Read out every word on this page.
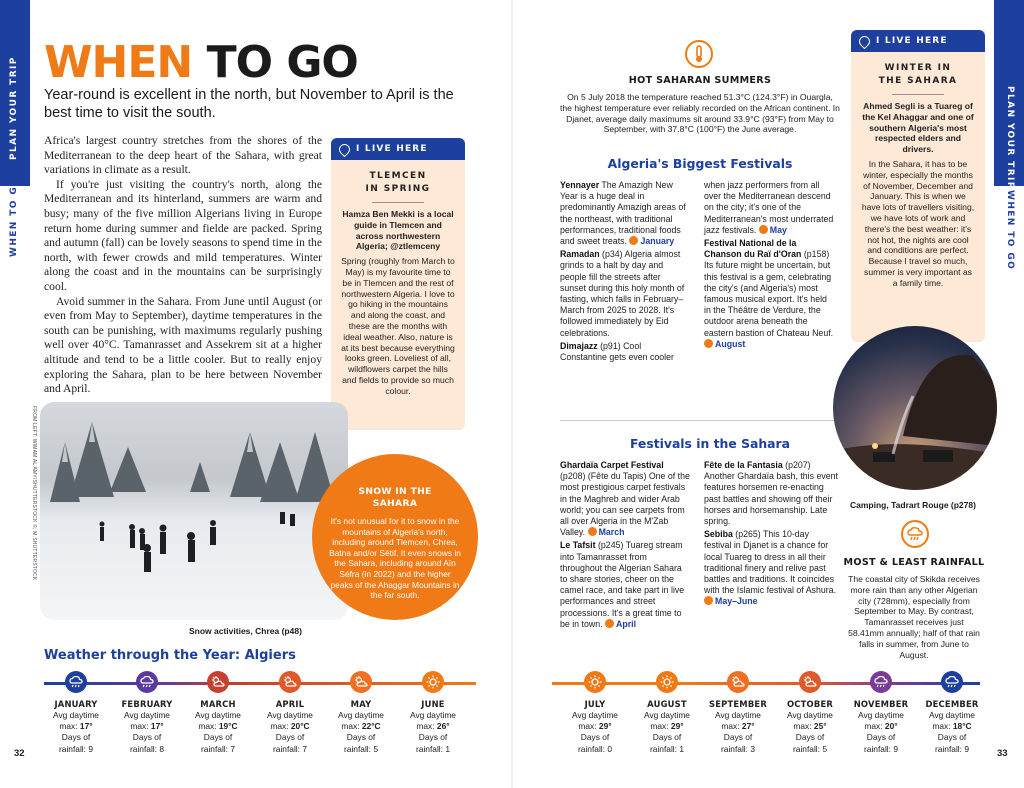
PLAN YOUR TRIP
WHEN TO GO
PLAN YOUR TRIP
WHEN TO GO
WHEN TO GO
Year-round is excellent in the north, but November to April is the best time to visit the south.

Africa's largest country stretches from the shores of the Mediterranean to the deep heart of the Sahara, with great variations in climate as a result.

If you're just visiting the country's north, along the Mediterranean and its hinterland, summers are warm and busy; many of the five million Algerians living in Europe return home during summer and fielde are packed. Spring and autumn (fall) can be lovely seasons to spend time in the north, with fewer crowds and mild temperatures. Winter along the coast and in the mountains can be surprisingly cool.

Avoid summer in the Sahara. From June until August (or even from May to September), daytime temperatures in the south can be punishing, with maximums regularly pushing well over 40°C. Tamanrasset and Assekrem sit at a higher altitude and tend to be a little cooler. But to really enjoy exploring the Sahara, plan to be here between November and April.

I LIVE HERE
TLEMCEN
IN SPRING
Hamza Ben Mekki is a local guide in Tlemcen and across northwestern Algeria; @ztlemceny
Spring (roughly from March to May) is my favourite time to be in Tlemcen and the rest of northwestern Algeria. I love to go hiking in the mountains and along the coast, and these are the months with ideal weather. Also, nature is at its best because everything looks green. Loveliest of all, wildflowers carpet the hills and fields to provide so much colour.
Snow activities, Chrea (p48)
FROM LEFT: WIMAM AL AMY/SHUTTERSTOCK ©; M.SHUTTERSTOCK	SNOW IN THE
SAHARA
It's not unusual for it to snow in the mountains of Algeria's north, including around Tlemcen, Chrea, Batna and/or Sétif. It even snows in the Sahara, including around Aïn Séfra (in 2022) and the higher peaks of the Ahaggar Mountains in the far south.
HOT SAHARAN SUMMERS
On 5 July 2018 the temperature reached 51.3°C (124.3°F) in Ouargla, the highest temperature ever reliably recorded on the African continent. In Djanet, average daily maximums sit around 33.9°C (93°F) from May to September, with 37.8°C (100°F) the June average.
Algeria's Biggest Festivals
Yennayer The Amazigh New Year is a huge deal in predominantly Amazigh areas of the northeast, with traditional performances, traditional foods and sweet treats. January
Ramadan (p34) Algeria almost grinds to a halt by day and people fill the streets after sunset during this holy month of fasting, which falls in February–March from 2025 to 2028. It's followed immediately by Eid celebrations.
Dimajazz (p91) Cool Constantine gets even cooler
when jazz performers from all over the Mediterranean descend on the city; it's one of the Mediterranean's most underrated jazz festivals. May
Festival National de la Chanson du Raï d'Oran (p158) Its future might be uncertain, but this festival is a gem, celebrating the city's (and Algeria's) most famous musical export. It's held in the Théâtre de Verdure, the outdoor arena beneath the eastern bastion of Chateau Neuf. August
Festivals in the Sahara
Ghardaïa Carpet Festival (p208) (Fête du Tapis) One of the most prestigious carpet festivals in the Maghreb and wider Arab world; you can see carpets from all over Algeria in the M'Zab Valley. March
Le Tafsit (p245) Tuareg stream into Tamanrasset from throughout the Algerian Sahara to share stories, cheer on the camel race, and take part in live performances and street processions. It's a great time to be in town. April
Fête de la Fantasia (p207) Another Ghardaïa bash, this event features horsemen re-enacting past battles and showing off their horses and horsemanship. Late spring.
Sebiba (p265) This 10-day festival in Djanet is a chance for local Tuareg to dress in all their traditional finery and relive past battles and traditions. It coincides with the Islamic festival of Ashura. May–June
I LIVE HERE
WINTER IN
THE SAHARA
Ahmed Segli is a Tuareg of the Kel Ahaggar and one of southern Algeria's most respected elders and drivers.
In the Sahara, it has to be winter, especially the months of November, December and January. This is when we have lots of travellers visiting, we have lots of work and there's the best weather: it's not hot, the nights are cool and conditions are perfect. Because I travel so much, summer is very important as a family time.
Camping, Tadrart Rouge (p278)
MOST & LEAST RAINFALL
The coastal city of Skikda receives more rain than any other Algerian city (728mm), especially from September to May. By contrast, Tamanrasset receives just 58.41mm annually; half of that rain falls in summer, from June to August.
Weather through the Year: Algiers
JANUARY
Avg daytime
max: 17°
Days of
rainfall: 9
FEBRUARY
Avg daytime
max: 17°
Days of
rainfall: 8
MARCH
Avg daytime
max: 19°C
Days of
rainfall: 7
APRIL
Avg daytime
max: 20°C
Days of
rainfall: 7
MAY
Avg daytime
max: 22°C
Days of
rainfall: 5
JUNE
Avg daytime
max: 26°
Days of
rainfall: 1
JULY
Avg daytime
max: 29°
Days of
rainfall: 0
AUGUST
Avg daytime
max: 29°
Days of
rainfall: 1
SEPTEMBER
Avg daytime
max: 27°
Days of
rainfall: 3
OCTOBER
Avg daytime
max: 25°
Days of
rainfall: 5
NOVEMBER
Avg daytime
max: 20°
Days of
rainfall: 9
DECEMBER
Avg daytime
max: 18°C
Days of
rainfall: 9
32	33
